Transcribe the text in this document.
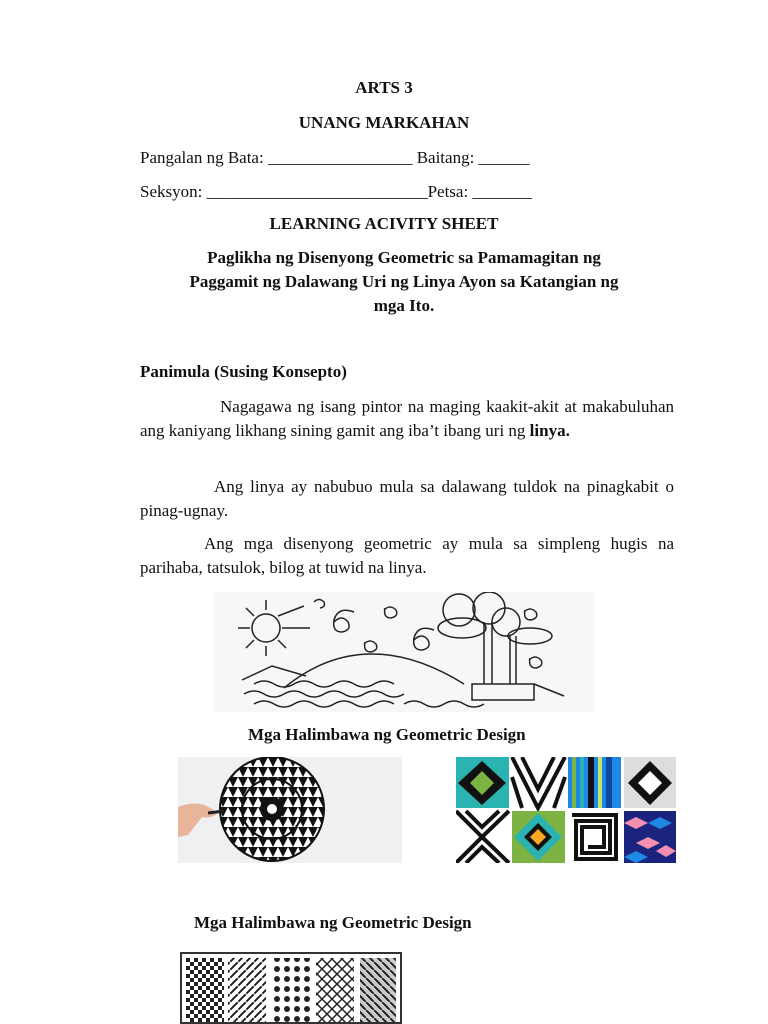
ARTS 3
UNANG MARKAHAN
Pangalan ng Bata: _________________ Baitang: ______
Seksyon: __________________________Petsa: _______
LEARNING ACIVITY SHEET
Paglikha ng Disenyong Geometric sa Pamamagitan ng
Paggamit ng Dalawang Uri ng Linya Ayon sa Katangian ng
mga Ito.
Panimula (Susing Konsepto)
Nagagawa ng isang pintor na maging kaakit-akit at makabuluhan ang kaniyang likhang sining gamit ang iba’t ibang uri ng linya.
Ang linya ay nabubuo mula sa dalawang tuldok na pinagkabit o pinag-ugnay.
Ang mga disenyong geometric ay mula sa simpleng hugis na parihaba, tatsulok, bilog at tuwid na linya.
Mga Halimbawa ng Geometric Design
Mga Halimbawa ng Geometric Design
